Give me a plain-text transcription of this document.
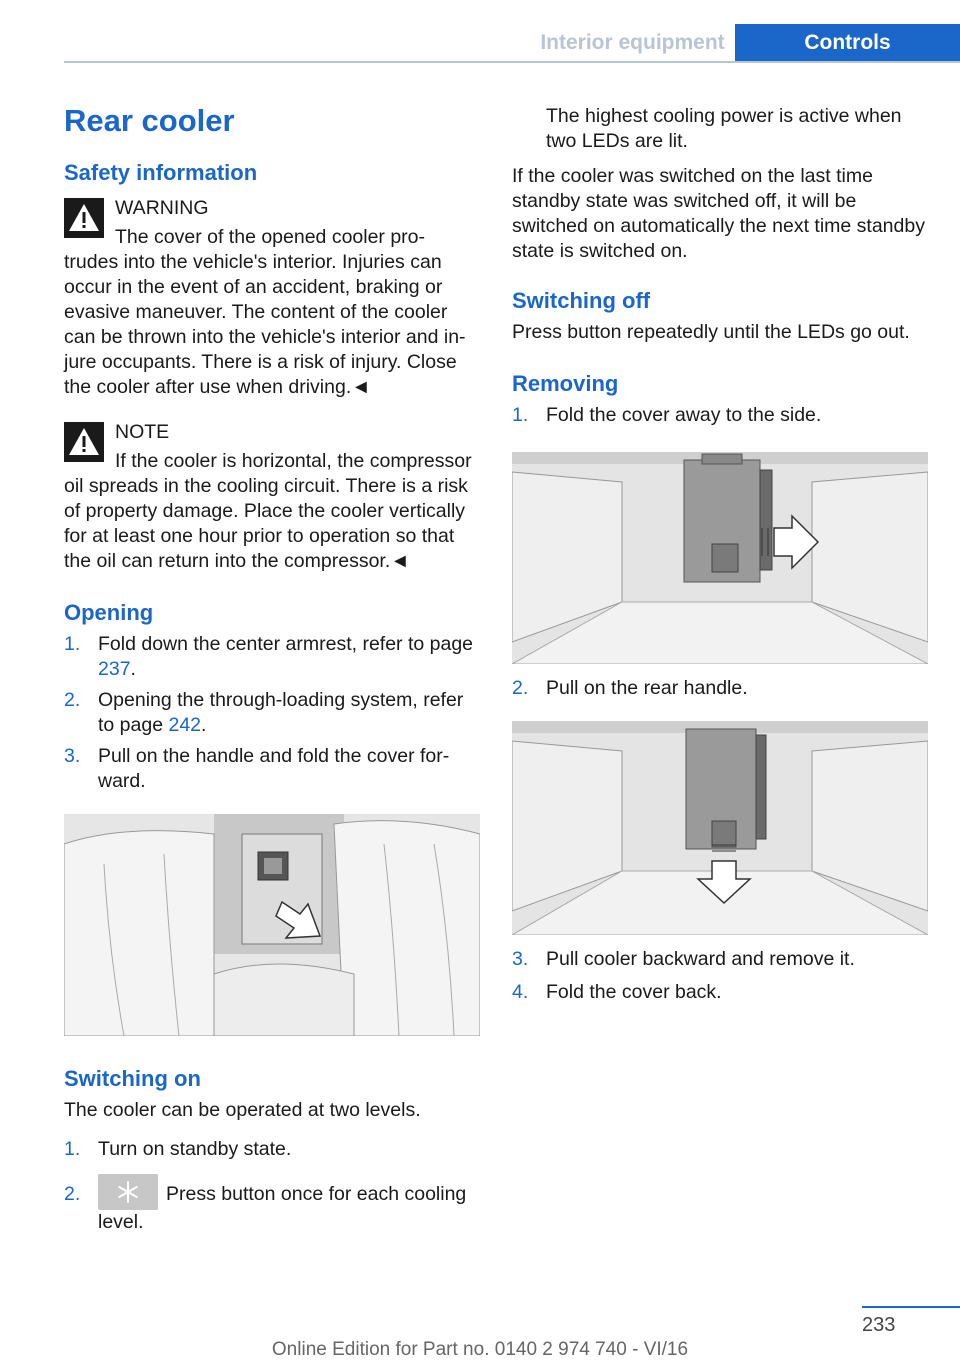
Interior equipment	Controls
Rear cooler
Safety information
WARNING
The cover of the opened cooler pro‐
trudes into the vehicle's interior. Injuries can occur in the event of an accident, braking or evasive maneuver. The content of the cooler can be thrown into the vehicle's interior and in‐ jure occupants. There is a risk of injury. Close the cooler after use when driving.◄
NOTE
If the cooler is horizontal, the compressor
oil spreads in the cooling circuit. There is a risk of property damage. Place the cooler vertically for at least one hour prior to operation so that the oil can return into the compressor.◄
Opening
1. Fold down the center armrest, refer to page 237.
2. Opening the through-loading system, refer to page 242.
3. Pull on the handle and fold the cover for‐ ward.
Switching on

The cooler can be operated at two levels.

1. Turn on standby state.
2.	Press button once for each cooling level.
The highest cooling power is active when two LEDs are lit.

If the cooler was switched on the last time standby state was switched off, it will be switched on automatically the next time standby state is switched on.

Switching off

Press button repeatedly until the LEDs go out.

Removing
1. Fold the cover away to the side.
2. Pull on the rear handle.
3. Pull cooler backward and remove it.
4. Fold the cover back.
233
Online Edition for Part no. 0140 2 974 740 - VI/16
